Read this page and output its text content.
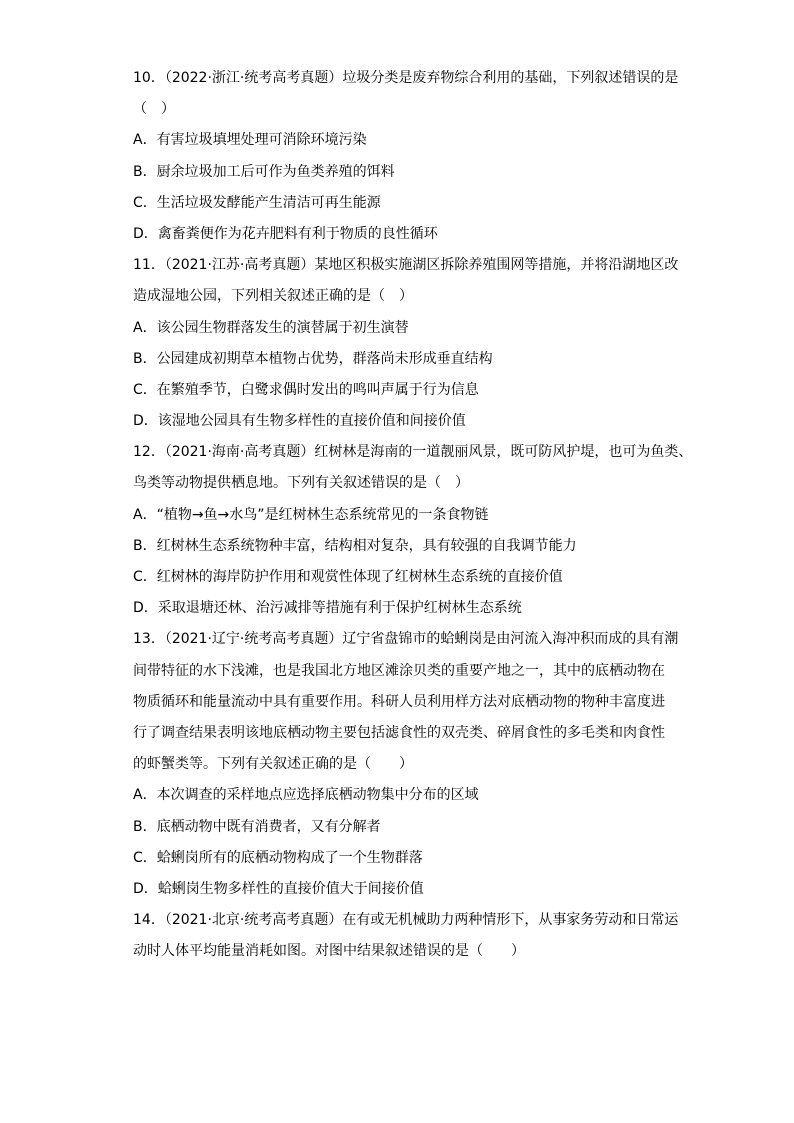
10．（2022·浙江·统考高考真题）垃圾分类是废弃物综合利用的基础，下列叙述错误的是
（　）
A．有害垃圾填埋处理可消除环境污染
B．厨余垃圾加工后可作为鱼类养殖的饵料
C．生活垃圾发酵能产生清洁可再生能源
D．禽畜粪便作为花卉肥料有利于物质的良性循环
11．（2021·江苏·高考真题）某地区积极实施湖区拆除养殖围网等措施，并将沿湖地区改
造成湿地公园，下列相关叙述正确的是（　）
A．该公园生物群落发生的演替属于初生演替
B．公园建成初期草本植物占优势，群落尚未形成垂直结构
C．在繁殖季节，白鹭求偶时发出的鸣叫声属于行为信息
D．该湿地公园具有生物多样性的直接价值和间接价值
12．（2021·海南·高考真题）红树林是海南的一道靓丽风景，既可防风护堤，也可为鱼类、
鸟类等动物提供栖息地。下列有关叙述错误的是（　）
A．“植物→鱼→水鸟”是红树林生态系统常见的一条食物链
B．红树林生态系统物种丰富，结构相对复杂，具有较强的自我调节能力
C．红树林的海岸防护作用和观赏性体现了红树林生态系统的直接价值
D．采取退塘还林、治污减排等措施有利于保护红树林生态系统
13．（2021·辽宁·统考高考真题）辽宁省盘锦市的蛤蜊岗是由河流入海冲积而成的具有潮
间带特征的水下浅滩，也是我国北方地区滩涂贝类的重要产地之一，其中的底栖动物在
物质循环和能量流动中具有重要作用。科研人员利用样方法对底栖动物的物种丰富度进
行了调查结果表明该地底栖动物主要包括滤食性的双壳类、碎屑食性的多毛类和肉食性
的虾蟹类等。下列有关叙述正确的是（　　）
A．本次调查的采样地点应选择底栖动物集中分布的区域
B．底栖动物中既有消费者，又有分解者
C．蛤蜊岗所有的底栖动物构成了一个生物群落
D．蛤蜊岗生物多样性的直接价值大于间接价值
14．（2021·北京·统考高考真题）在有或无机械助力两种情形下，从事家务劳动和日常运
动时人体平均能量消耗如图。对图中结果叙述错误的是（　　）
